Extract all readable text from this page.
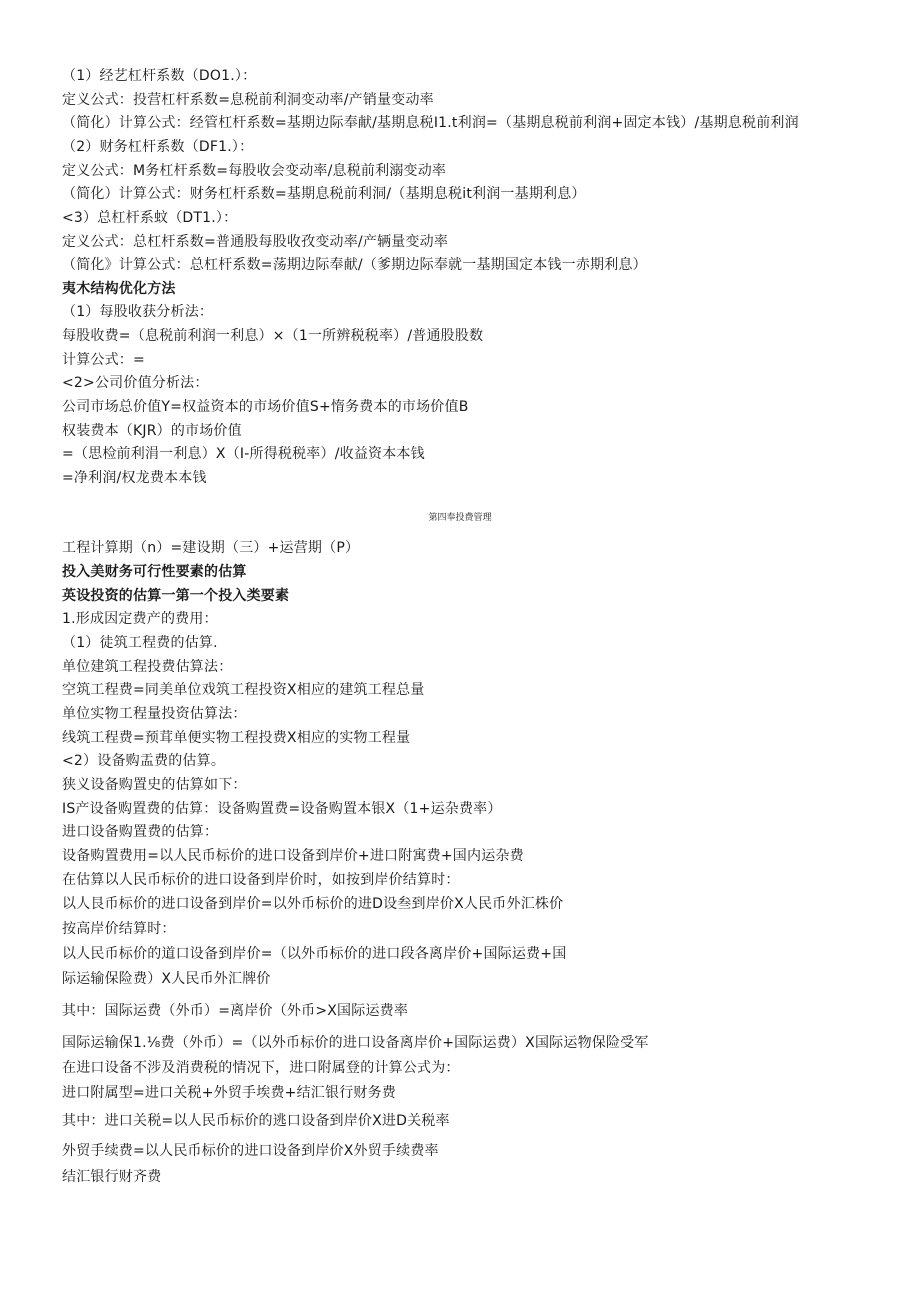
（1）经艺杠杆系数（DO1.）：
定义公式：投营杠杆系数=息税前利洞变动率/产销量变动率
（简化）计算公式：经管杠杆系数=基期边际奉献/基期息税I1.t利润=（基期息税前利润+固定本钱）/基期息税前利润
（2）财务杠杆系数（DF1.）：
定义公式：M务杠杆系数=每股收会变动率/息税前利溺变动率
（简化）计算公式：财务杠杆系数=基期息税前利洞/（基期息税it利润一基期利息）
<3）总杠杆系蚊（DT1.）：
定义公式：总杠杆系数=普通股每股收孜变动率/产辆量变动率
（简化》计算公式：总杠杆系数=荡期边际奉献/（爹期边际奉就一基期国定本钱一赤期利息）
夷木结构优化方法
（1）每股收获分析法：
每股收费=（息税前利润一利息）×（1一所辨税税率）/普通股股数
计算公式：=
<2>公司价值分析法：
公司市场总价值Y=权益资本的市场价值S+惰务费本的市场价值B
权装费本（KJR）的市场价值
=（思检前利涓一利息）X（I-所得税税率）/收益资本本钱
=净利润/权龙费本本钱
第四奉投费管理
工程计算期（n）=建设期（三）+运营期（P）
投入美财务可行性要素的估算
英设投资的估算一第一个投入类要素
1.形成因定费产的费用：
（1）徒筑工程费的估算.
单位建筑工程投费估算法：
空筑工程费=同美单位戏筑工程投资X相应的建筑工程总量
单位实物工程量投资估算法：
线筑工程费=预茸单便实物工程投费X相应的实物工程量
<2）设备购盂费的估算。
狭义设备购置史的估算如下：
IS产设备购置费的估算：设备购置费=设备购置本银X（1+运杂费率）
进口设备购置费的估算：
设备购置费用=以人民币标价的进口设备到岸价+进口附寓费+国内运杂费
在估算以人民币标价的进口设备到岸价时，如按到岸价结算时：
以人艮币标价的进口设备到岸价=以外币标价的进D设叁到岸价X人民币外汇株价
按高岸价结算时：
以人民币标价的道口设备到岸价=（以外币标价的进口段各离岸价+国际运费+国
际运输保险费）X人民币外汇牌价
其中：国际运费（外币）=离岸价（外币>X国际运费率
国际运输保1.⅛费（外币）=（以外币标价的进口设备离岸价+国际运费）X国际运物保险受军
在进口设备不涉及消费税的情况下，进口附属登的计算公式为：
进口附属型=进口关税+外贸手埃费+结汇银行财务费
其中：进口关税=以人民币标价的逃口设备到岸价X进D关税率
外贸手续费=以人民币标价的进口设备到岸价X外贸手续费率
结汇银行财齐费
